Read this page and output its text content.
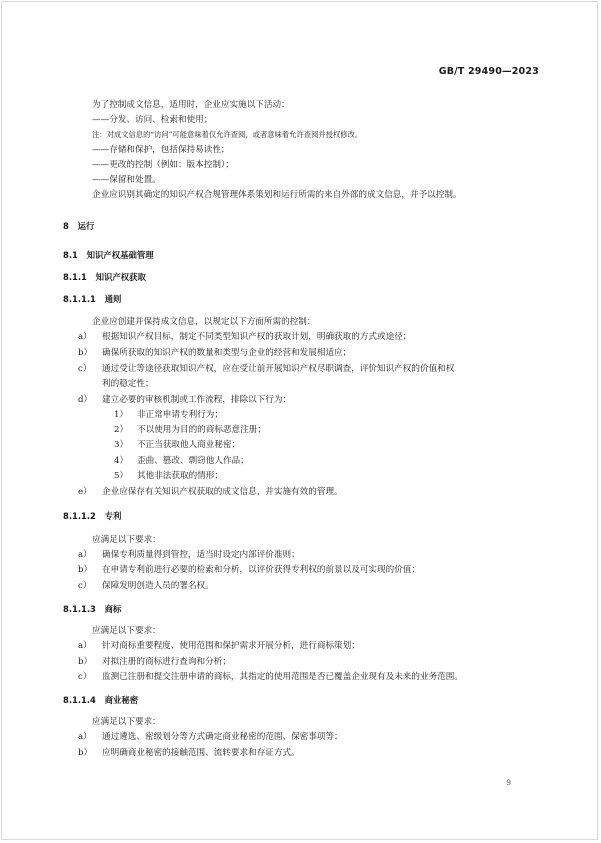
GB/T 29490—2023
为了控制成文信息，适用时，企业应实施以下活动：
——分发、访问、检索和使用；
注：对成文信息的“访问”可能意味着仅允许查阅，或者意味着允许查阅并授权修改。
——存储和保护，包括保持易读性；
——更改的控制（例如：版本控制）；
——保留和处置。
企业应识别其确定的知识产权合规管理体系策划和运行所需的来自外部的成文信息，并予以控制。
8 运行
8.1 知识产权基础管理
8.1.1 知识产权获取
8.1.1.1 通则
企业应创建并保持成文信息，以规定以下方面所需的控制：
a） 根据知识产权目标，制定不同类型知识产权的获取计划，明确获取的方式或途径；
b） 确保所获取的知识产权的数量和类型与企业的经营和发展相适应；
c） 通过受让等途径获取知识产权，应在受让前开展知识产权尽职调查，评价知识产权的价值和权
利的稳定性；
d） 建立必要的审核机制或工作流程，排除以下行为：
1） 非正常申请专利行为；
2） 不以使用为目的的商标恶意注册；
3） 不正当获取他人商业秘密；
4） 歪曲、篡改、剽窃他人作品；
5） 其他非法获取的情形；
e） 企业应保存有关知识产权获取的成文信息，并实施有效的管理。
8.1.1.2 专利
应满足以下要求：
a） 确保专利质量得到管控，适当时设定内部评价准则；
b） 在申请专利前进行必要的检索和分析，以评价获得专利权的前景以及可实现的价值；
c） 保障发明创造人员的署名权。
8.1.1.3 商标
应满足以下要求：
a） 针对商标重要程度、使用范围和保护需求开展分析，进行商标策划；
b） 对拟注册的商标进行查询和分析；
c） 监测已注册和提交注册申请的商标，其指定的使用范围是否已覆盖企业现有及未来的业务范围。
8.1.1.4 商业秘密
应满足以下要求：
a） 通过遴选、密级划分等方式确定商业秘密的范围、保密事项等；
b） 应明确商业秘密的接触范围、流转要求和存证方式。
9
